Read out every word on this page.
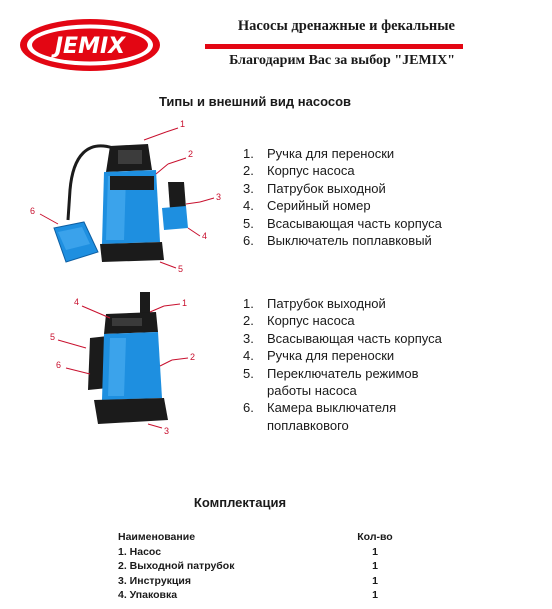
JEMIX
Насосы дренажные и фекальные
Благодарим Вас за выбор "JEMIX"
Типы и внешний вид насосов
1
2
3
4
5
6
1.	Ручка для переноски
2.	Корпус насоса
3.	Патрубок выходной
4.	Серийный номер
5.	Всасывающая часть корпуса
6.	Выключатель поплавковый
1
2
3
4
5
6
1.	Патрубок выходной
2.	Корпус насоса
3.	Всасывающая часть корпуса
4.	Ручка для переноски
5.	Переключатель режимов работы насоса
6.	Камера выключателя поплавкового
Комплектация
Наименование	Кол-во
1. Насос	1
2. Выходной патрубок	1
3. Инструкция	1
4. Упаковка	1
